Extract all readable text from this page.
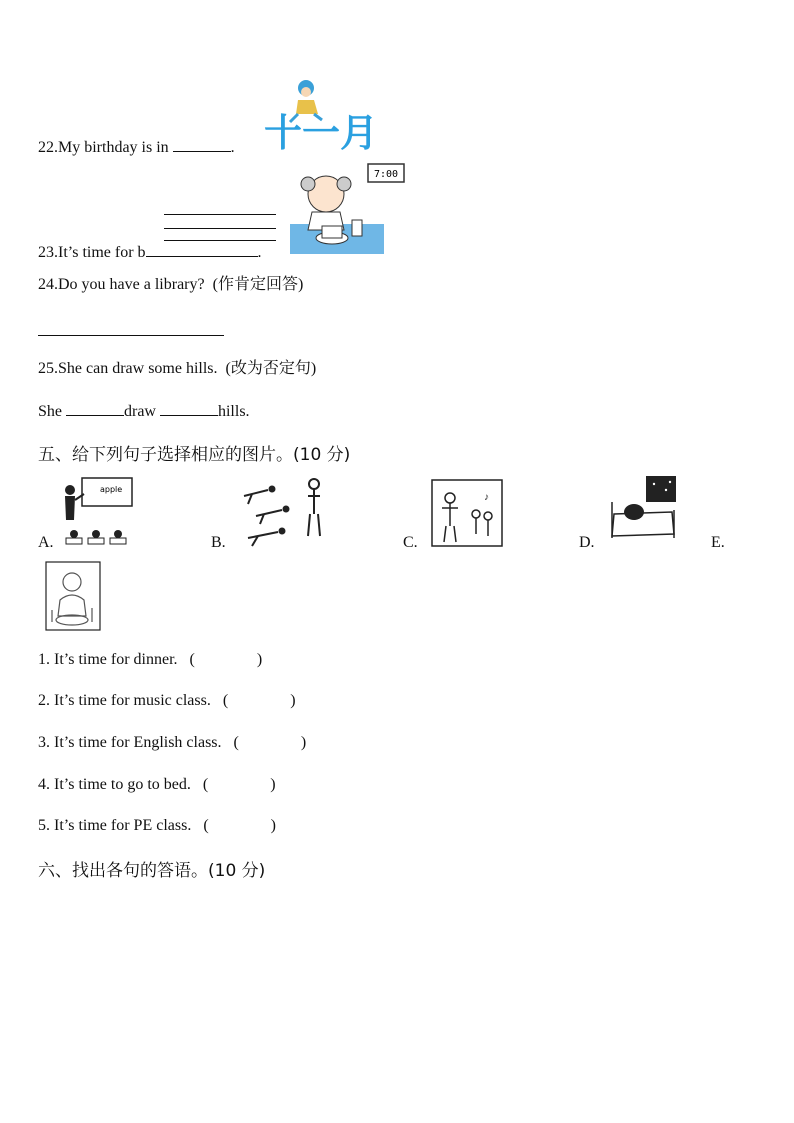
22.My birthday is in	. 十一月
23.It’s time for b	.
7:00
24.Do you have a library? (作肯定回答)
25.She can draw some hills. (改为否定句)
She	draw	hills.
五、给下列句子选择相应的图片。(10 分)
A.
apple
B.	C.
♪
D.	E.
1. It’s time for dinner. (	)
2. It’s time for music class. (	)
3. It’s time for English class. (	)
4. It’s time to go to bed. (	)
5. It’s time for PE class. (	)
六、找出各句的答语。(10 分)
